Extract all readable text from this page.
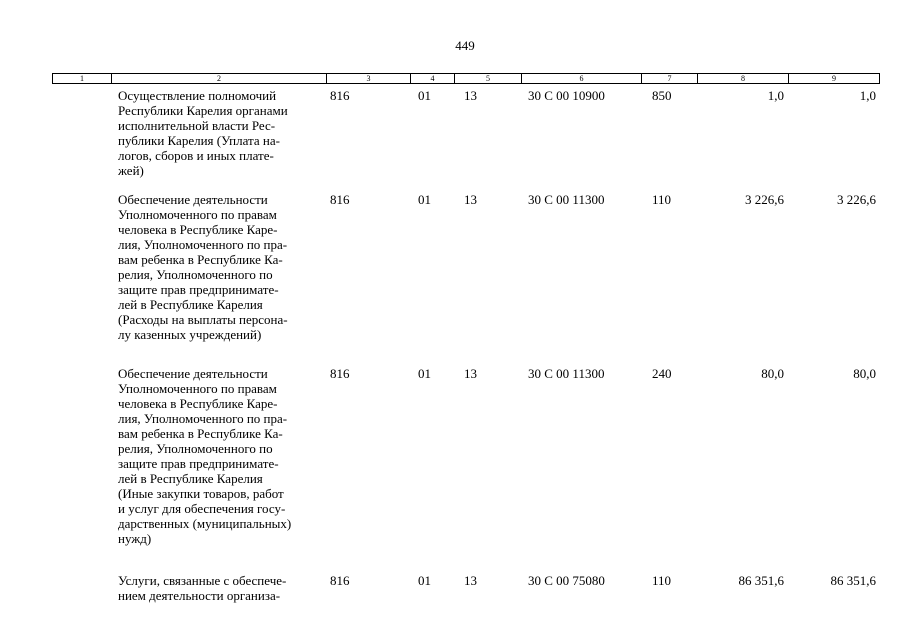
449
1	2	3	4	5	6	7	8	9
Осуществление полномочий
Республики Карелия органами
исполнительной власти Рес-
публики Карелия (Уплата на-
логов, сборов и иных плате-
жей)
816	01	13	30 С 00 10900	850	1,0	1,0
Обеспечение деятельности
Уполномоченного по правам
человека в Республике Каре-
лия, Уполномоченного по пра-
вам ребенка в Республике Ка-
релия, Уполномоченного по
защите прав предпринимате-
лей в Республике Карелия
(Расходы на выплаты персона-
лу казенных учреждений)
816	01	13	30 С 00 11300	110	3 226,6	3 226,6
Обеспечение деятельности
Уполномоченного по правам
человека в Республике Каре-
лия, Уполномоченного по пра-
вам ребенка в Республике Ка-
релия, Уполномоченного по
защите прав предпринимате-
лей в Республике Карелия
(Иные закупки товаров, работ
и услуг для обеспечения госу-
дарственных (муниципальных)
нужд)
816	01	13	30 С 00 11300	240	80,0	80,0
Услуги, связанные с обеспече-
нием деятельности организа-
816	01	13	30 С 00 75080	110	86 351,6	86 351,6
